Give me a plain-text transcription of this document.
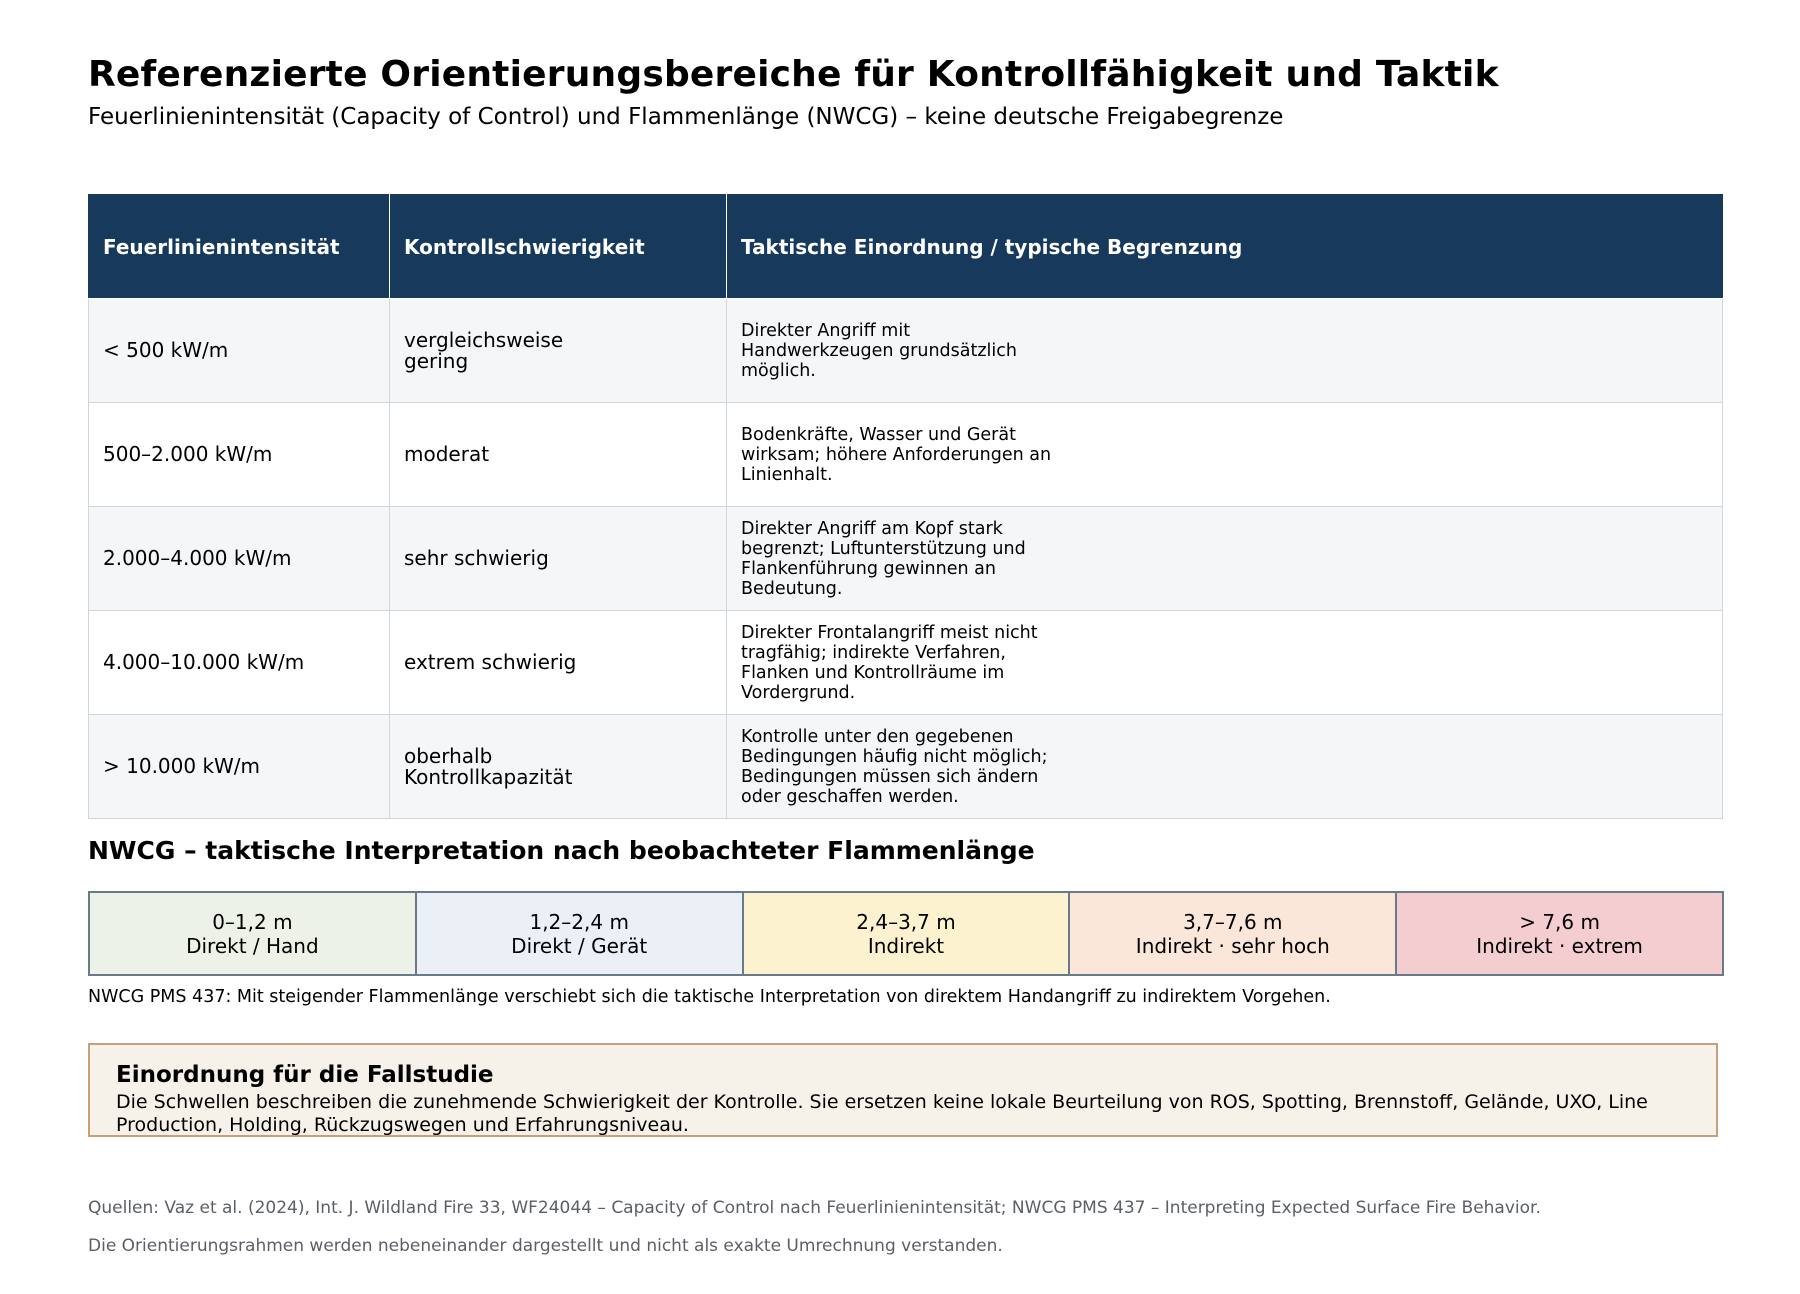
Referenzierte Orientierungsbereiche für Kontrollfähigkeit und Taktik
Feuerlinienintensität (Capacity of Control) und Flammenlänge (NWCG) – keine deutsche Freigabegrenze
Feuerlinienintensität	Kontrollschwierigkeit	Taktische Einordnung / typische Begrenzung
< 500 kW/m	vergleichsweise gering	Direkter Angriff mit Handwerkzeugen grundsätzlich möglich.

500–2.000 kW/m	moderat	Bodenkräfte, Wasser und Gerät wirksam; höhere Anforderungen an Linienhalt.

2.000–4.000 kW/m	sehr schwierig	Direkter Angriff am Kopf stark begrenzt; Luftunterstützung und Flankenführung gewinnen an Bedeutung.

4.000–10.000 kW/m	extrem schwierig	Direkter Frontalangriff meist nicht tragfähig; indirekte Verfahren, Flanken und Kontrollräume im Vordergrund.

> 10.000 kW/m	oberhalb Kontrollkapazität	Kontrolle unter den gegebenen Bedingungen häufig nicht möglich; Bedingungen müssen sich ändern oder geschaffen werden.
NWCG – taktische Interpretation nach beobachteter Flammenlänge
0–1,2 m
Direkt / Hand
1,2–2,4 m
Direkt / Gerät
2,4–3,7 m
Indirekt
3,7–7,6 m
Indirekt · sehr hoch
> 7,6 m
Indirekt · extrem
NWCG PMS 437: Mit steigender Flammenlänge verschiebt sich die taktische Interpretation von direktem Handangriff zu indirektem Vorgehen.
Einordnung für die Fallstudie
Die Schwellen beschreiben die zunehmende Schwierigkeit der Kontrolle. Sie ersetzen keine lokale Beurteilung von ROS, Spotting, Brennstoff, Gelände, UXO, Line Production, Holding, Rückzugswegen und Erfahrungsniveau.
Quellen: Vaz et al. (2024), Int. J. Wildland Fire 33, WF24044 – Capacity of Control nach Feuerlinienintensität; NWCG PMS 437 – Interpreting Expected Surface Fire Behavior.
Die Orientierungsrahmen werden nebeneinander dargestellt und nicht als exakte Umrechnung verstanden.
